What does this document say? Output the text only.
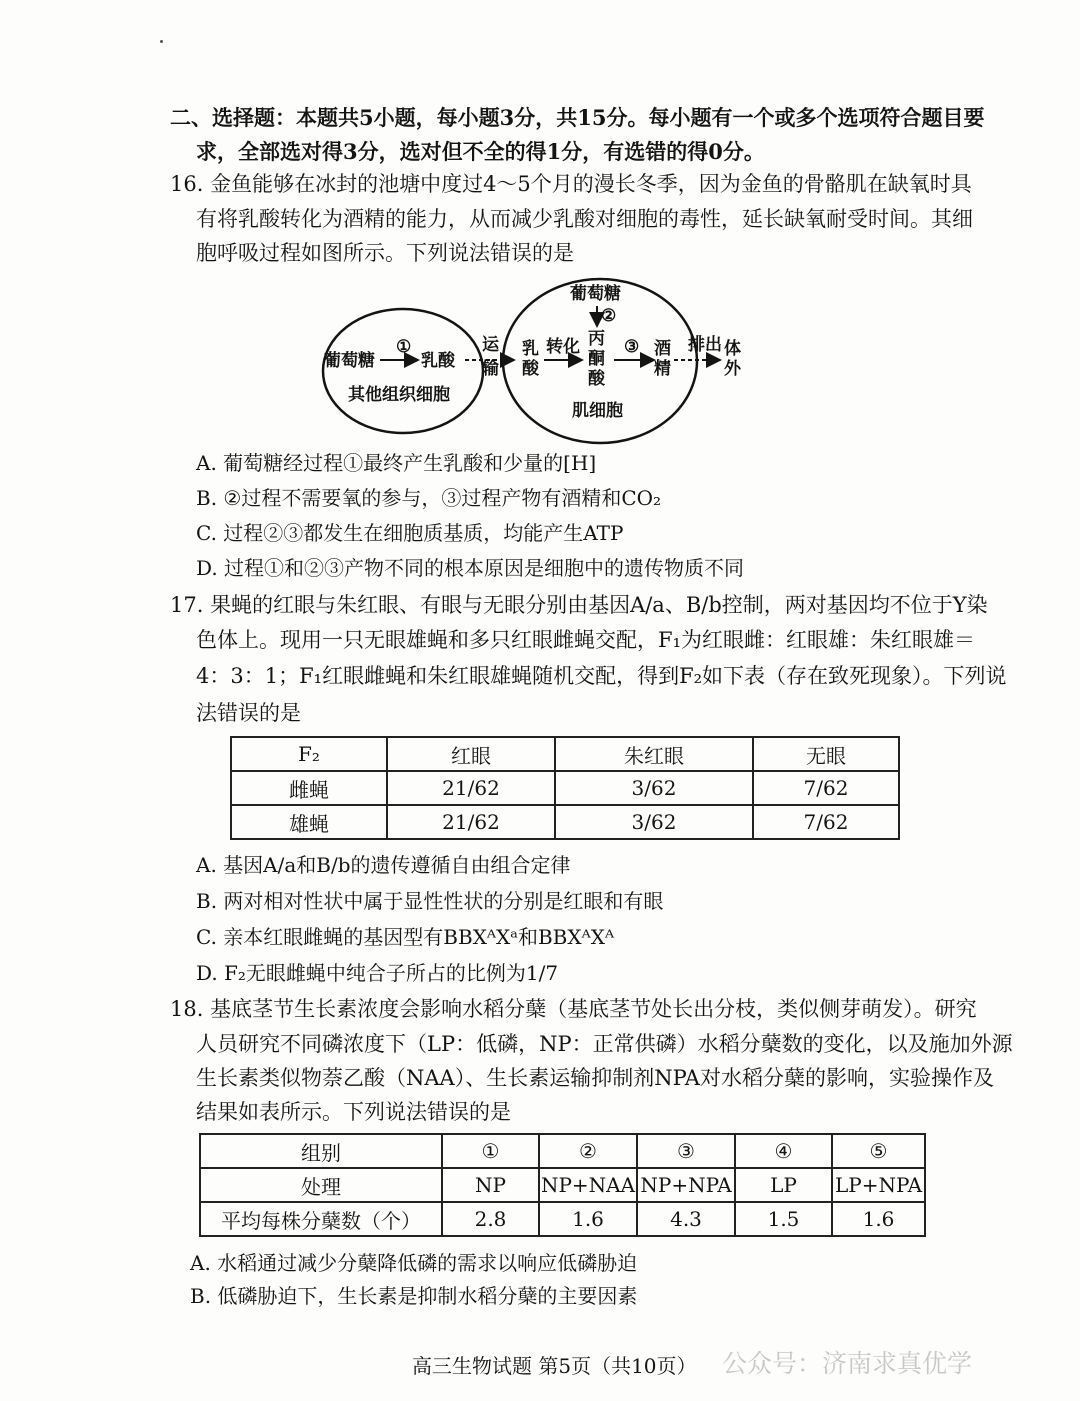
二、选择题：本题共5小题，每小题3分，共15分。每小题有一个或多个选项符合题目要
求，全部选对得3分，选对但不全的得1分，有选错的得0分。
16. 金鱼能够在冰封的池塘中度过4～5个月的漫长冬季，因为金鱼的骨骼肌在缺氧时具
有将乳酸转化为酒精的能力，从而减少乳酸对细胞的毒性，延长缺氧耐受时间。其细
胞呼吸过程如图所示。下列说法错误的是
葡萄糖
①
乳酸
其他组织细胞
运
输
乳
酸
转化
葡萄糖
②
丙
酮
酸
③ 酒
精
排出 体
外
肌细胞
A. 葡萄糖经过程①最终产生乳酸和少量的[H]
B. ②过程不需要氧的参与，③过程产物有酒精和CO₂
C. 过程②③都发生在细胞质基质，均能产生ATP
D. 过程①和②③产物不同的根本原因是细胞中的遗传物质不同
17. 果蝇的红眼与朱红眼、有眼与无眼分别由基因A/a、B/b控制，两对基因均不位于Y染
色体上。现用一只无眼雄蝇和多只红眼雌蝇交配，F₁为红眼雌：红眼雄：朱红眼雄＝
4：3：1；F₁红眼雌蝇和朱红眼雄蝇随机交配，得到F₂如下表（存在致死现象）。下列说
法错误的是
F₂	红眼	朱红眼	无眼
雌蝇	21/62	3/62	7/62
雄蝇	21/62	3/62	7/62
A. 基因A/a和B/b的遗传遵循自由组合定律
B. 两对相对性状中属于显性性状的分别是红眼和有眼
C. 亲本红眼雌蝇的基因型有BBXᴬXᵃ和BBXᴬXᴬ
D. F₂无眼雌蝇中纯合子所占的比例为1/7
18. 基底茎节生长素浓度会影响水稻分蘖（基底茎节处长出分枝，类似侧芽萌发）。研究
人员研究不同磷浓度下（LP：低磷，NP：正常供磷）水稻分蘖数的变化，以及施加外源
生长素类似物萘乙酸（NAA）、生长素运输抑制剂NPA对水稻分蘖的影响，实验操作及
结果如表所示。下列说法错误的是
组别	①	②	③	④	⑤
处理	NP	NP+NAA	NP+NPA	LP	LP+NPA
平均每株分蘖数（个）	2.8	1.6	4.3	1.5	1.6
A. 水稻通过减少分蘖降低磷的需求以响应低磷胁迫
B. 低磷胁迫下，生长素是抑制水稻分蘖的主要因素
高三生物试题 第5页（共10页） 公众号：济南求真优学
